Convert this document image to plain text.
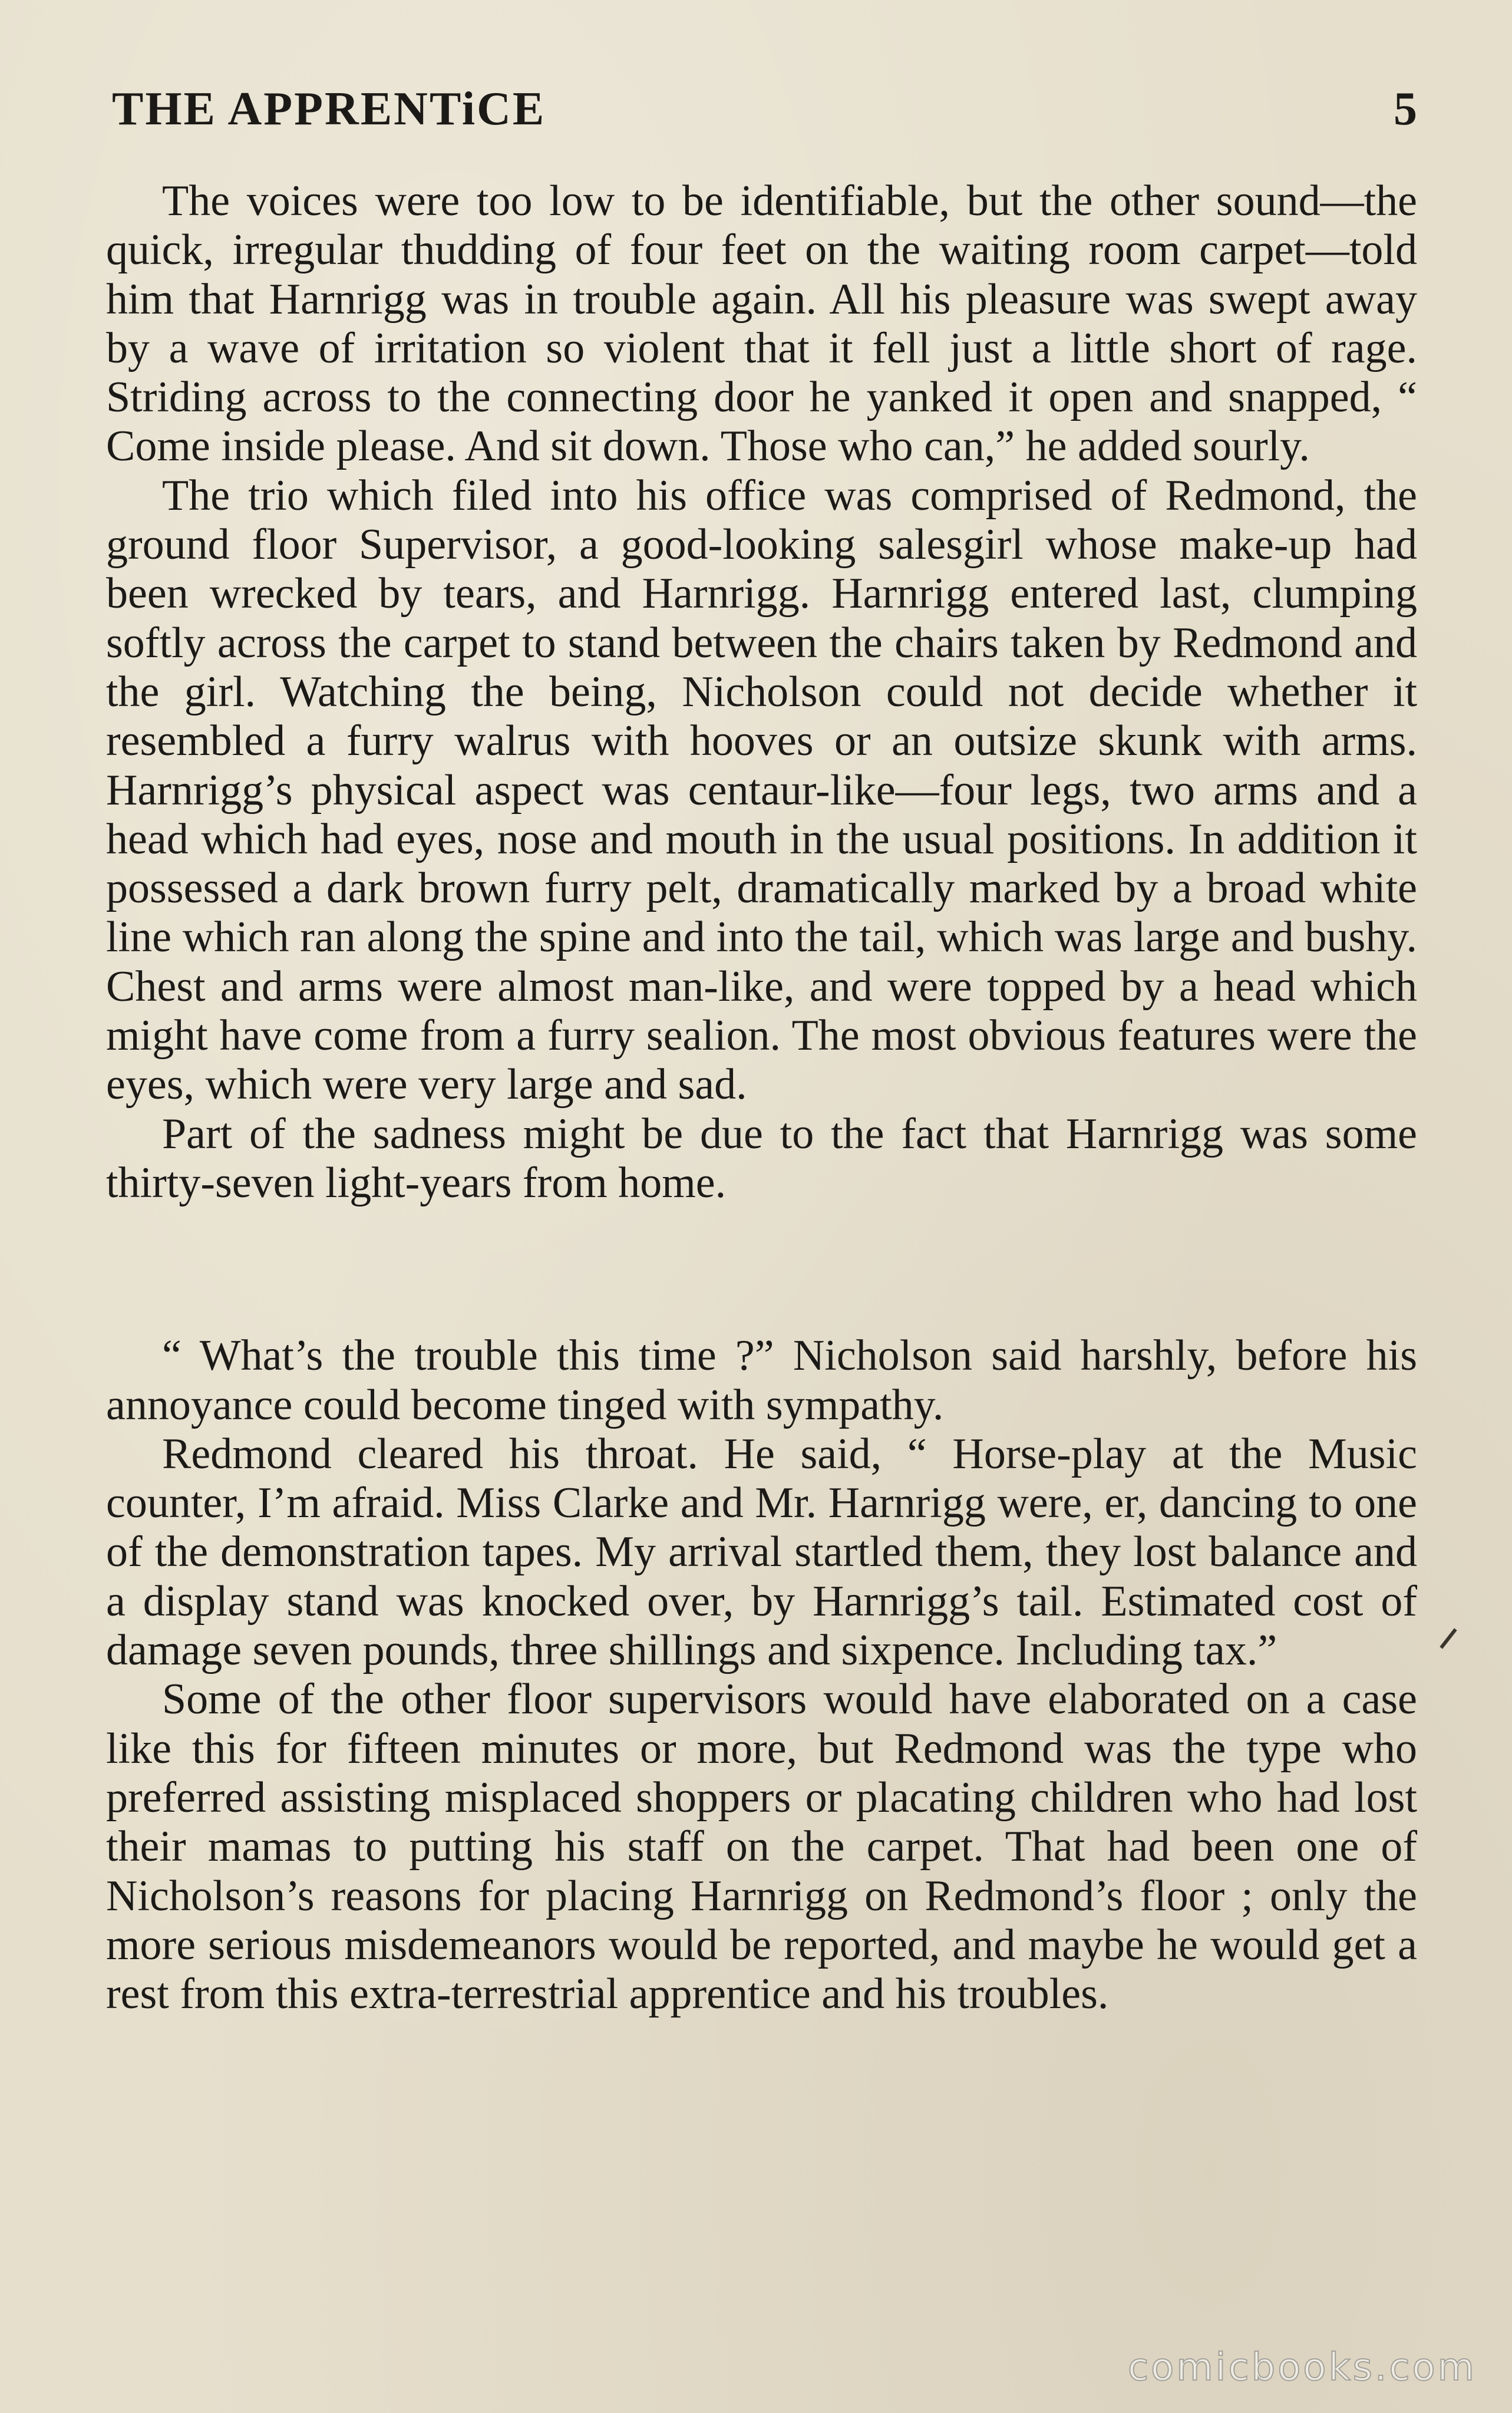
THE APPRENTiCE	5

The voices were too low to be identifiable, but the other sound—the quick, irregular thudding of four feet on the waiting room carpet—told him that Harnrigg was in trouble again. All his pleasure was swept away by a wave of irritation so violent that it fell just a little short of rage. Striding across to the connecting door he yanked it open and snapped, “ Come inside please. And sit down. Those who can,” he added sourly.

The trio which filed into his office was comprised of Redmond, the ground floor Supervisor, a good-looking salesgirl whose make-up had been wrecked by tears, and Harnrigg. Harnrigg entered last, clumping softly across the carpet to stand between the chairs taken by Redmond and the girl. Watching the being, Nicholson could not decide whether it resembled a furry walrus with hooves or an outsize skunk with arms. Harnrigg’s physical aspect was centaur-like—four legs, two arms and a head which had eyes, nose and mouth in the usual positions. In addition it possessed a dark brown furry pelt, dramatically marked by a broad white line which ran along the spine and into the tail, which was large and bushy. Chest and arms were almost man-like, and were topped by a head which might have come from a furry sealion. The most obvious features were the eyes, which were very large and sad.

Part of the sadness might be due to the fact that Harnrigg was some thirty-seven light-years from home.

“ What’s the trouble this time ?” Nicholson said harshly, before his annoyance could become tinged with sympathy.

Redmond cleared his throat. He said, “ Horse-play at the Music counter, I’m afraid. Miss Clarke and Mr. Harnrigg were, er, dancing to one of the demonstration tapes. My arrival startled them, they lost balance and a display stand was knocked over, by Harnrigg’s tail. Estimated cost of damage seven pounds, three shillings and sixpence. Including tax.”

Some of the other floor supervisors would have elaborated on a case like this for fifteen minutes or more, but Redmond was the type who preferred assisting misplaced shoppers or placating children who had lost their mamas to putting his staff on the carpet. That had been one of Nicholson’s reasons for placing Harnrigg on Redmond’s floor ; only the more serious misdemeanors would be reported, and maybe he would get a rest from this extra-terrestrial apprentice and his troubles.

comicbooks.com
